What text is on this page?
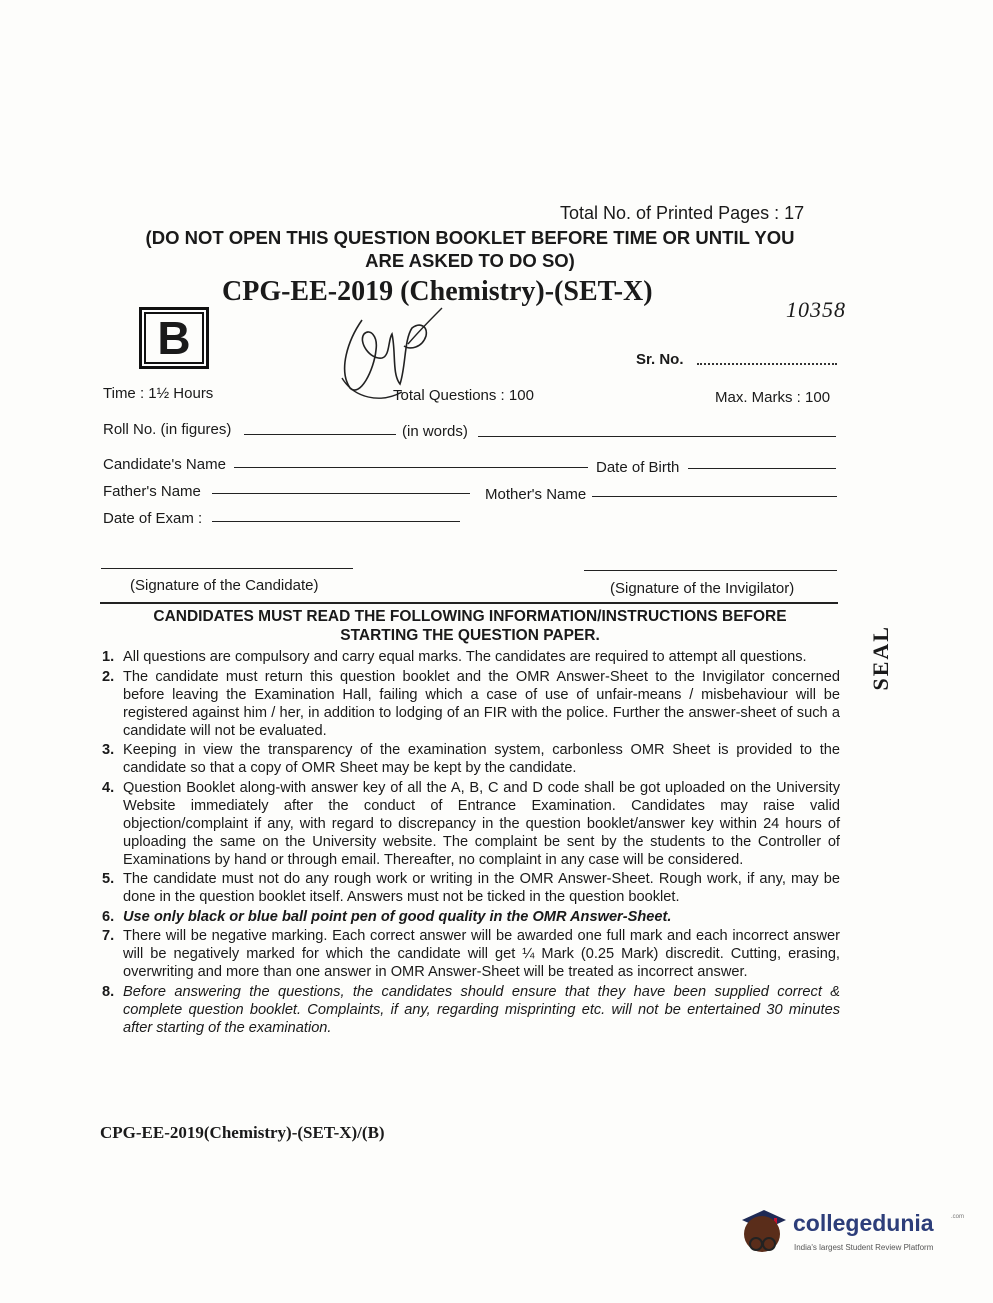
Total No. of Printed Pages : 17
(DO NOT OPEN THIS QUESTION BOOKLET BEFORE TIME OR UNTIL YOU
ARE ASKED TO DO SO)
CPG-EE-2019 (Chemistry)-(SET-X)
10358
B	Sr. No.
Time : 1½ Hours	Total Questions : 100	Max. Marks : 100
Roll No. (in figures)	(in words)
Candidate's Name	Date of Birth
Father's Name	Mother's Name
Date of Exam :
(Signature of the Candidate)	(Signature of the Invigilator)
SEAL
CANDIDATES MUST READ THE FOLLOWING INFORMATION/INSTRUCTIONS BEFORE
STARTING THE QUESTION PAPER.
1. All questions are compulsory and carry equal marks. The candidates are required to attempt all questions.
2. The candidate must return this question booklet and the OMR Answer-Sheet to the Invigilator concerned before leaving the Examination Hall, failing which a case of use of unfair-means / misbehaviour will be registered against him / her, in addition to lodging of an FIR with the police. Further the answer-sheet of such a candidate will not be evaluated.
3. Keeping in view the transparency of the examination system, carbonless OMR Sheet is provided to the candidate so that a copy of OMR Sheet may be kept by the candidate.
4. Question Booklet along-with answer key of all the A, B, C and D code shall be got uploaded on the University Website immediately after the conduct of Entrance Examination. Candidates may raise valid objection/complaint if any, with regard to discrepancy in the question booklet/answer key within 24 hours of uploading the same on the University website. The complaint be sent by the students to the Controller of Examinations by hand or through email. Thereafter, no complaint in any case will be considered.
5. The candidate must not do any rough work or writing in the OMR Answer-Sheet. Rough work, if any, may be done in the question booklet itself. Answers must not be ticked in the question booklet.
6. Use only black or blue ball point pen of good quality in the OMR Answer-Sheet.
7. There will be negative marking. Each correct answer will be awarded one full mark and each incorrect answer will be negatively marked for which the candidate will get ¼ Mark (0.25 Mark) discredit. Cutting, erasing, overwriting and more than one answer in OMR Answer-Sheet will be treated as incorrect answer.
8. Before answering the questions, the candidates should ensure that they have been supplied correct & complete question booklet. Complaints, if any, regarding misprinting etc. will not be entertained 30 minutes after starting of the examination.
CPG-EE-2019(Chemistry)-(SET-X)/(B)
collegedunia	.com
India's largest Student Review Platform
